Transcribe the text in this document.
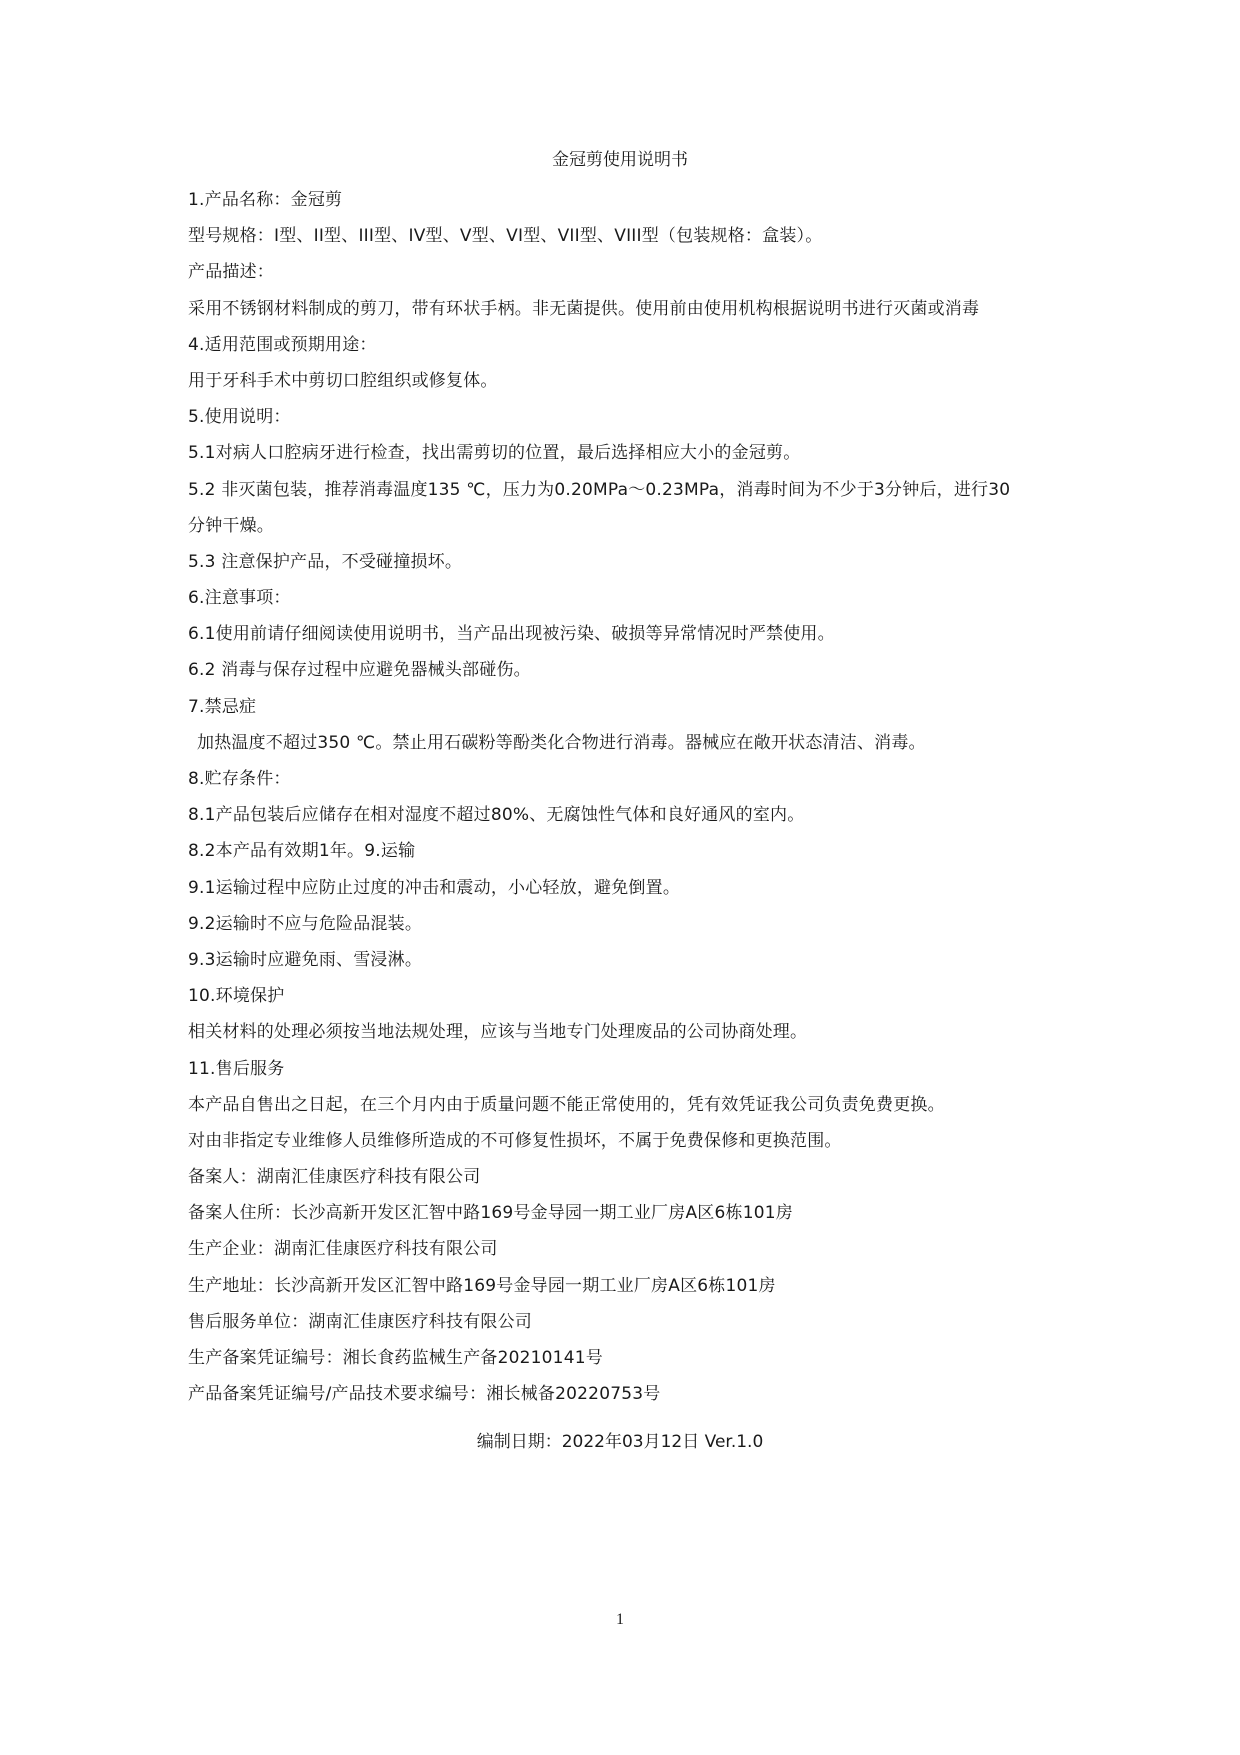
金冠剪使用说明书
1.产品名称：金冠剪
型号规格：I型、II型、III型、IV型、V型、VI型、VII型、VIII型（包装规格：盒装）。
产品描述：
采用不锈钢材料制成的剪刀，带有环状手柄。非无菌提供。使用前由使用机构根据说明书进行灭菌或消毒
4.适用范围或预期用途：
用于牙科手术中剪切口腔组织或修复体。
5.使用说明：
5.1对病人口腔病牙进行检查，找出需剪切的位置，最后选择相应大小的金冠剪。
5.2 非灭菌包装，推荐消毒温度135 ℃，压力为0.20MPa～0.23MPa，消毒时间为不少于3分钟后，进行30
分钟干燥。
5.3 注意保护产品，不受碰撞损坏。
6.注意事项：
6.1使用前请仔细阅读使用说明书，当产品出现被污染、破损等异常情况时严禁使用。
6.2 消毒与保存过程中应避免器械头部碰伤。
7.禁忌症
加热温度不超过350 ℃。禁止用石碳粉等酚类化合物进行消毒。器械应在敞开状态清洁、消毒。
8.贮存条件：
8.1产品包装后应储存在相对湿度不超过80%、无腐蚀性气体和良好通风的室内。
8.2本产品有效期1年。9.运输
9.1运输过程中应防止过度的冲击和震动，小心轻放，避免倒置。
9.2运输时不应与危险品混装。
9.3运输时应避免雨、雪浸淋。
10.环境保护
相关材料的处理必须按当地法规处理，应该与当地专门处理废品的公司协商处理。
11.售后服务
本产品自售出之日起，在三个月内由于质量问题不能正常使用的，凭有效凭证我公司负责免费更换。
对由非指定专业维修人员维修所造成的不可修复性损坏，不属于免费保修和更换范围。
备案人：湖南汇佳康医疗科技有限公司
备案人住所：长沙高新开发区汇智中路169号金导园一期工业厂房A区6栋101房
生产企业：湖南汇佳康医疗科技有限公司
生产地址：长沙高新开发区汇智中路169号金导园一期工业厂房A区6栋101房
售后服务单位：湖南汇佳康医疗科技有限公司
生产备案凭证编号：湘长食药监械生产备20210141号
产品备案凭证编号/产品技术要求编号：湘长械备20220753号
编制日期：2022年03月12日 Ver.1.0
1
